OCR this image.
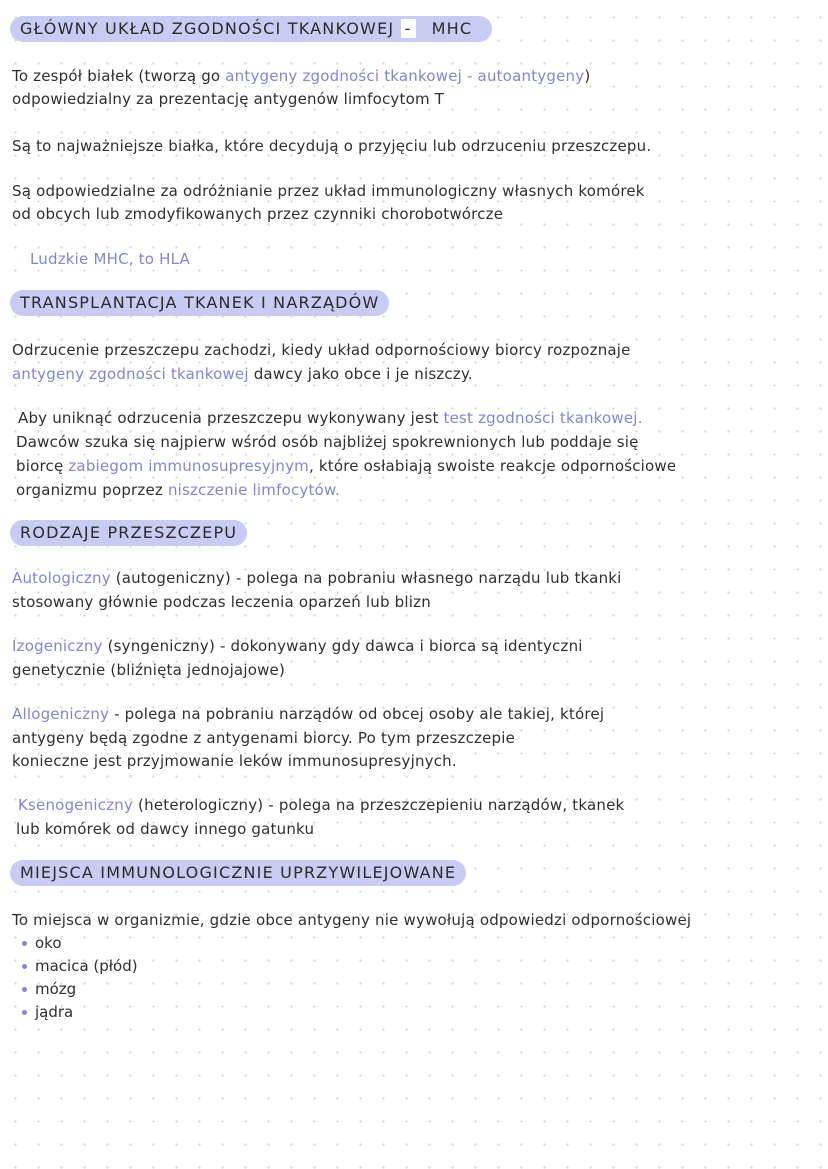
GŁÓWNY UKŁAD ZGODNOŚCI TKANKOWEJ - MHC
To zespół białek (tworzą go antygeny zgodności tkankowej - autoantygeny)
odpowiedzialny za prezentację antygenów limfocytom T
Są to najważniejsze białka, które decydują o przyjęciu lub odrzuceniu przeszczepu.
Są odpowiedzialne za odróżnianie przez układ immunologiczny własnych komórek
od obcych lub zmodyfikowanych przez czynniki chorobotwórcze
Ludzkie MHC, to HLA
TRANSPLANTACJA TKANEK I NARZĄDÓW
Odrzucenie przeszczepu zachodzi, kiedy układ odpornościowy biorcy rozpoznaje
antygeny zgodności tkankowej dawcy jako obce i je niszczy.
Aby uniknąć odrzucenia przeszczepu wykonywany jest test zgodności tkankowej.
Dawców szuka się najpierw wśród osób najbliżej spokrewnionych lub poddaje się
biorcę zabiegom immunosupresyjnym, które osłabiają swoiste reakcje odpornościowe
organizmu poprzez niszczenie limfocytów.
RODZAJE PRZESZCZEPU
Autologiczny (autogeniczny) - polega na pobraniu własnego narządu lub tkanki
stosowany głównie podczas leczenia oparzeń lub blizn
Izogeniczny (syngeniczny) - dokonywany gdy dawca i biorca są identyczni
genetycznie (bliźnięta jednojajowe)
Allogeniczny - polega na pobraniu narządów od obcej osoby ale takiej, której
antygeny będą zgodne z antygenami biorcy. Po tym przeszczepie
konieczne jest przyjmowanie leków immunosupresyjnych.
Ksenogeniczny (heterologiczny) - polega na przeszczepieniu narządów, tkanek
lub komórek od dawcy innego gatunku
MIEJSCA IMMUNOLOGICZNIE UPRZYWILEJOWANE
To miejsca w organizmie, gdzie obce antygeny nie wywołują odpowiedzi odpornościowej
oko
macica (płód)
mózg
jądra
